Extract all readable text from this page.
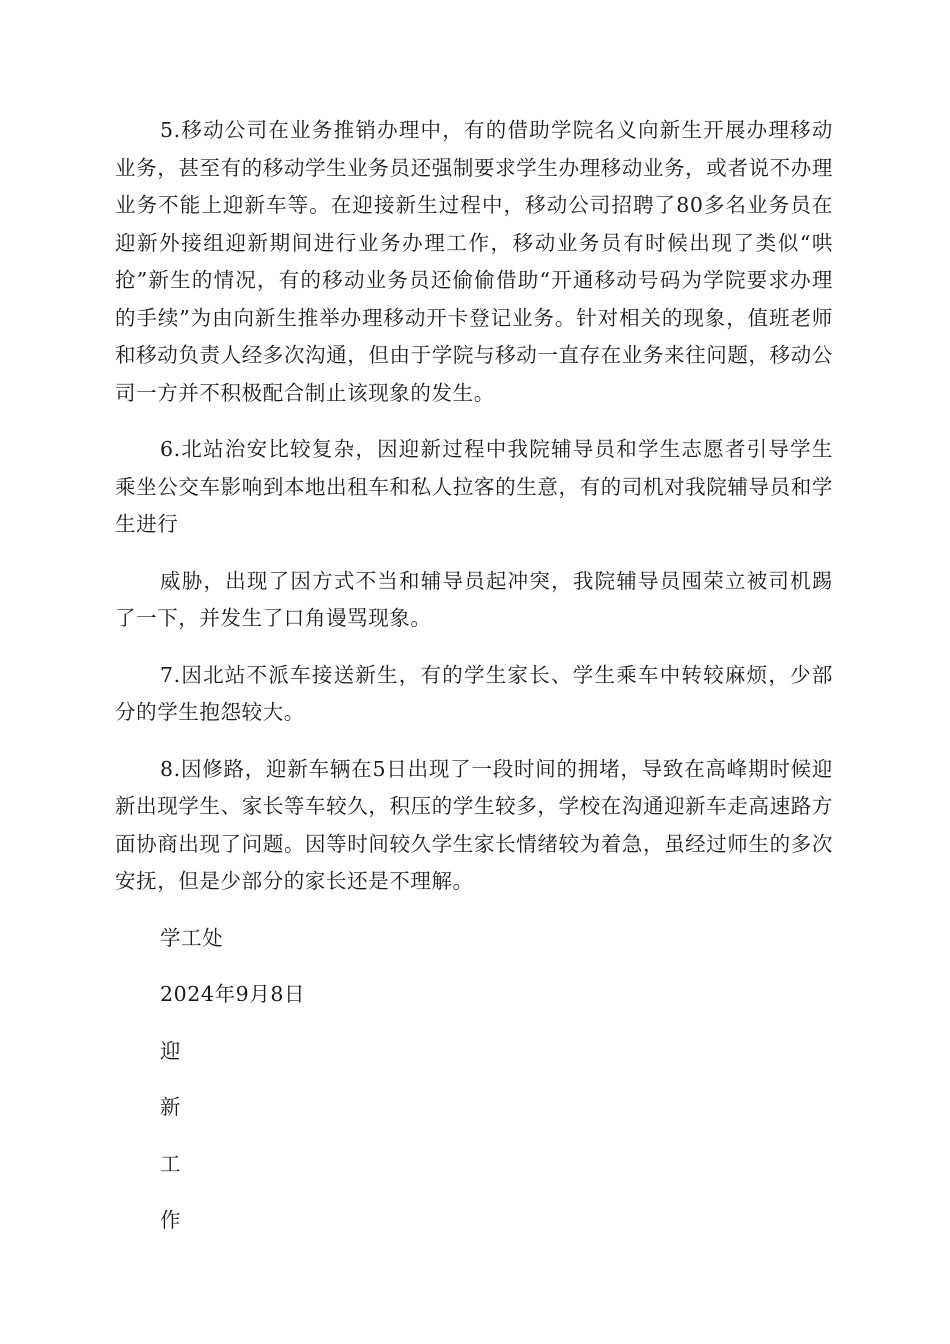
5.移动公司在业务推销办理中，有的借助学院名义向新生开展办理移动业务，甚至有的移动学生业务员还强制要求学生办理移动业务，或者说不办理业务不能上迎新车等。在迎接新生过程中，移动公司招聘了80多名业务员在迎新外接组迎新期间进行业务办理工作，移动业务员有时候出现了类似“哄抢”新生的情况，有的移动业务员还偷偷借助“开通移动号码为学院要求办理的手续”为由向新生推举办理移动开卡登记业务。针对相关的现象，值班老师和移动负责人经多次沟通，但由于学院与移动一直存在业务来往问题，移动公司一方并不积极配合制止该现象的发生。

6.北站治安比较复杂，因迎新过程中我院辅导员和学生志愿者引导学生乘坐公交车影响到本地出租车和私人拉客的生意，有的司机对我院辅导员和学生进行

威胁，出现了因方式不当和辅导员起冲突，我院辅导员囤荣立被司机踢了一下，并发生了口角谩骂现象。

7.因北站不派车接送新生，有的学生家长、学生乘车中转较麻烦，少部分的学生抱怨较大。

8.因修路，迎新车辆在5日出现了一段时间的拥堵，导致在高峰期时候迎新出现学生、家长等车较久，积压的学生较多，学校在沟通迎新车走高速路方面协商出现了问题。因等时间较久学生家长情绪较为着急，虽经过师生的多次安抚，但是少部分的家长还是不理解。

学工处

2024年9月8日

迎

新

工

作
